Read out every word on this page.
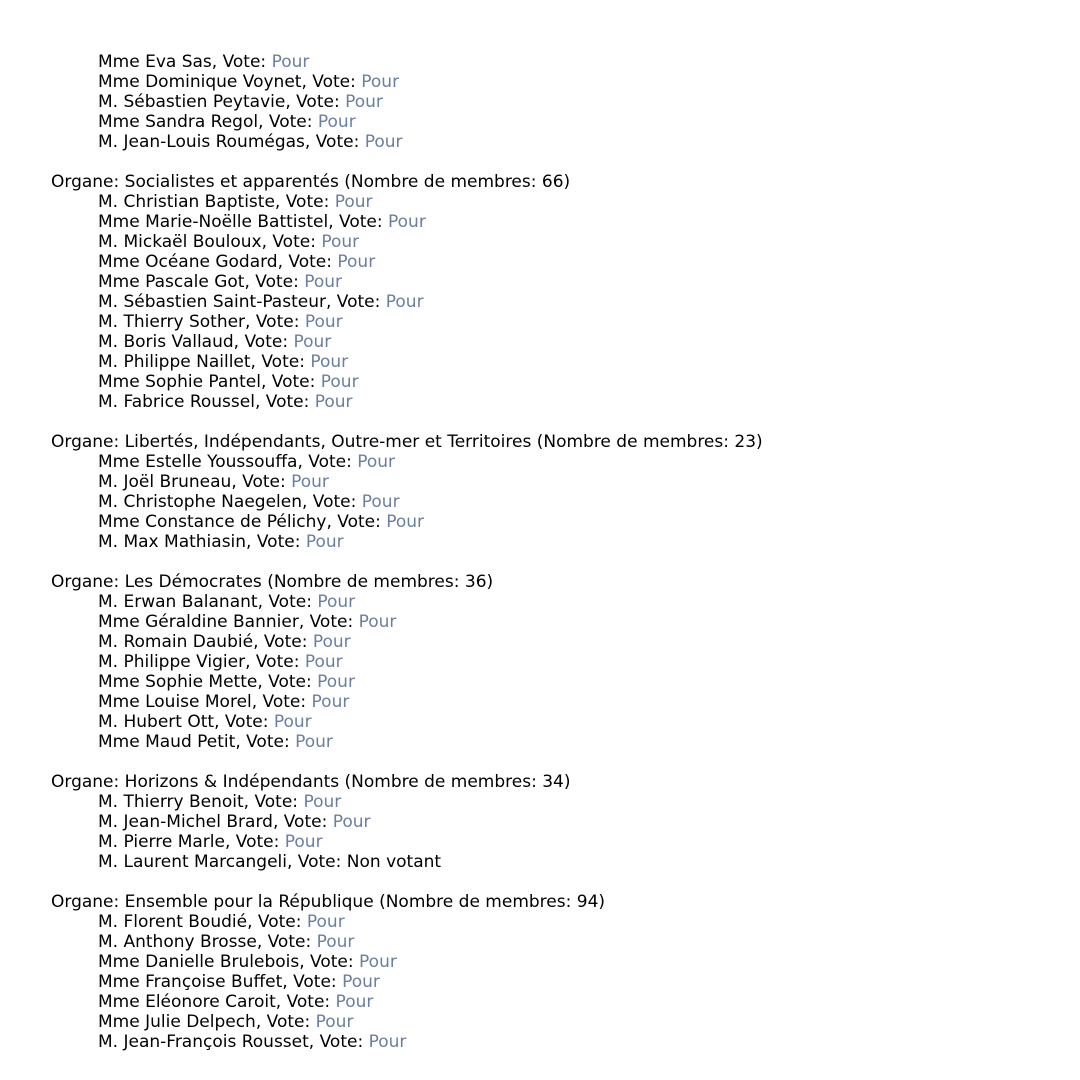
Mme Eva Sas, Vote: Pour
Mme Dominique Voynet, Vote: Pour
M. Sébastien Peytavie, Vote: Pour
Mme Sandra Regol, Vote: Pour
M. Jean-Louis Roumégas, Vote: Pour
Organe: Socialistes et apparentés (Nombre de membres: 66)
M. Christian Baptiste, Vote: Pour
Mme Marie-Noëlle Battistel, Vote: Pour
M. Mickaël Bouloux, Vote: Pour
Mme Océane Godard, Vote: Pour
Mme Pascale Got, Vote: Pour
M. Sébastien Saint-Pasteur, Vote: Pour
M. Thierry Sother, Vote: Pour
M. Boris Vallaud, Vote: Pour
M. Philippe Naillet, Vote: Pour
Mme Sophie Pantel, Vote: Pour
M. Fabrice Roussel, Vote: Pour
Organe: Libertés, Indépendants, Outre-mer et Territoires (Nombre de membres: 23)
Mme Estelle Youssouffa, Vote: Pour
M. Joël Bruneau, Vote: Pour
M. Christophe Naegelen, Vote: Pour
Mme Constance de Pélichy, Vote: Pour
M. Max Mathiasin, Vote: Pour
Organe: Les Démocrates (Nombre de membres: 36)
M. Erwan Balanant, Vote: Pour
Mme Géraldine Bannier, Vote: Pour
M. Romain Daubié, Vote: Pour
M. Philippe Vigier, Vote: Pour
Mme Sophie Mette, Vote: Pour
Mme Louise Morel, Vote: Pour
M. Hubert Ott, Vote: Pour
Mme Maud Petit, Vote: Pour
Organe: Horizons & Indépendants (Nombre de membres: 34)
M. Thierry Benoit, Vote: Pour
M. Jean-Michel Brard, Vote: Pour
M. Pierre Marle, Vote: Pour
M. Laurent Marcangeli, Vote: Non votant
Organe: Ensemble pour la République (Nombre de membres: 94)
M. Florent Boudié, Vote: Pour
M. Anthony Brosse, Vote: Pour
Mme Danielle Brulebois, Vote: Pour
Mme Françoise Buffet, Vote: Pour
Mme Eléonore Caroit, Vote: Pour
Mme Julie Delpech, Vote: Pour
M. Jean-François Rousset, Vote: Pour
